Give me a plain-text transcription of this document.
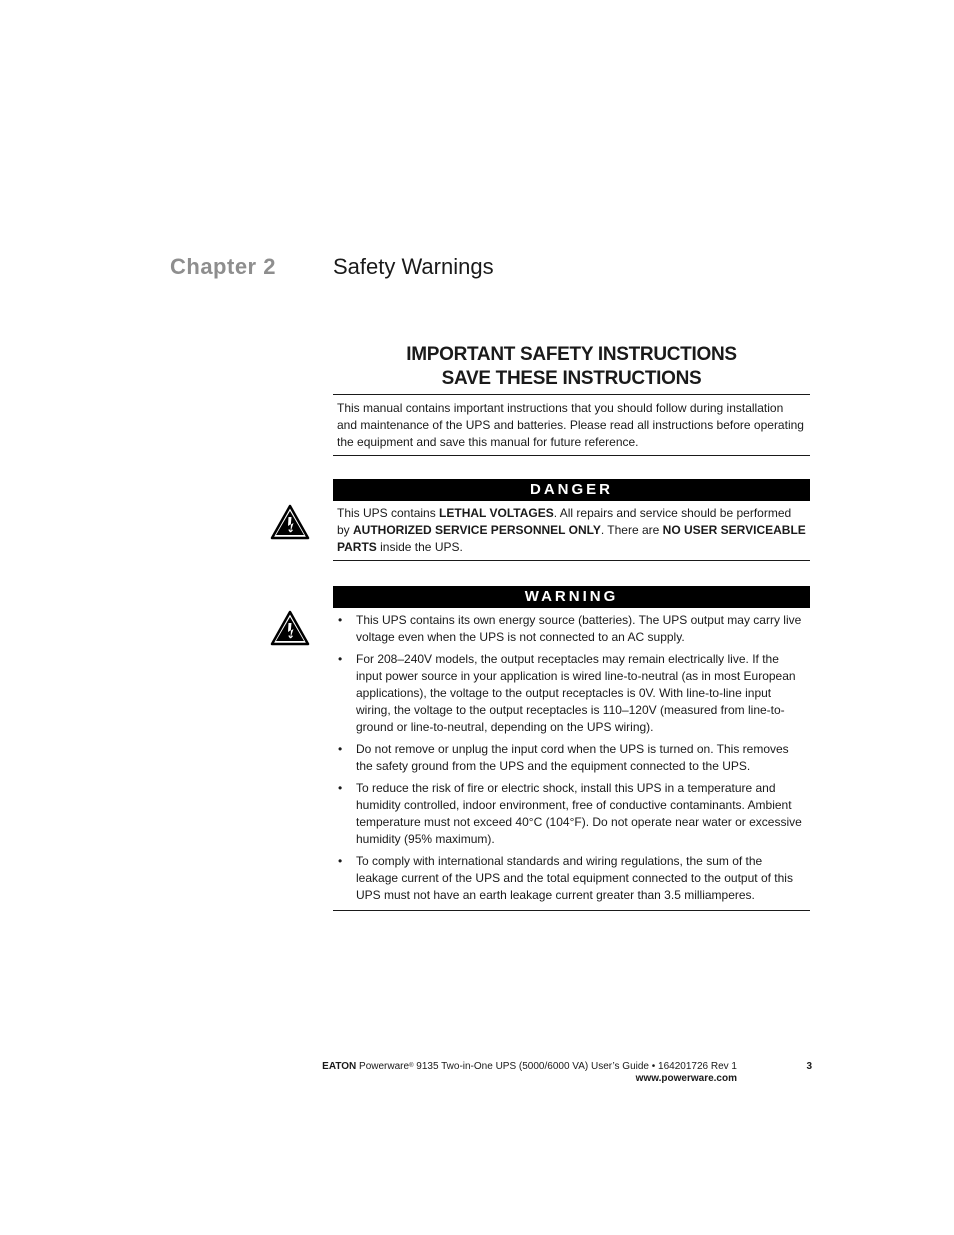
Chapter 2	Safety Warnings
IMPORTANT SAFETY INSTRUCTIONS
SAVE THESE INSTRUCTIONS
This manual contains important instructions that you should follow during installation and maintenance of the UPS and batteries. Please read all instructions before operating the equipment and save this manual for future reference.
DANGER
This UPS contains LETHAL VOLTAGES. All repairs and service should be performed by AUTHORIZED SERVICE PERSONNEL ONLY. There are NO USER SERVICEABLE PARTS inside the UPS.
WARNING
• This UPS contains its own energy source (batteries). The UPS output may carry live voltage even when the UPS is not connected to an AC supply.
• For 208–240V models, the output receptacles may remain electrically live. If the input power source in your application is wired line-to-neutral (as in most European applications), the voltage to the output receptacles is 0V. With line-to-line input wiring, the voltage to the output receptacles is 110–120V (measured from line-to-ground or line-to-neutral, depending on the UPS wiring).
• Do not remove or unplug the input cord when the UPS is turned on. This removes the safety ground from the UPS and the equipment connected to the UPS.
• To reduce the risk of fire or electric shock, install this UPS in a temperature and humidity controlled, indoor environment, free of conductive contaminants. Ambient temperature must not exceed 40°C (104°F). Do not operate near water or excessive humidity (95% maximum).
• To comply with international standards and wiring regulations, the sum of the leakage current of the UPS and the total equipment connected to the output of this UPS must not have an earth leakage current greater than 3.5 milliamperes.
EATON Powerware® 9135 Two-in-One UPS (5000/6000 VA) User’s Guide • 164201726 Rev 1
www.powerware.com
3
